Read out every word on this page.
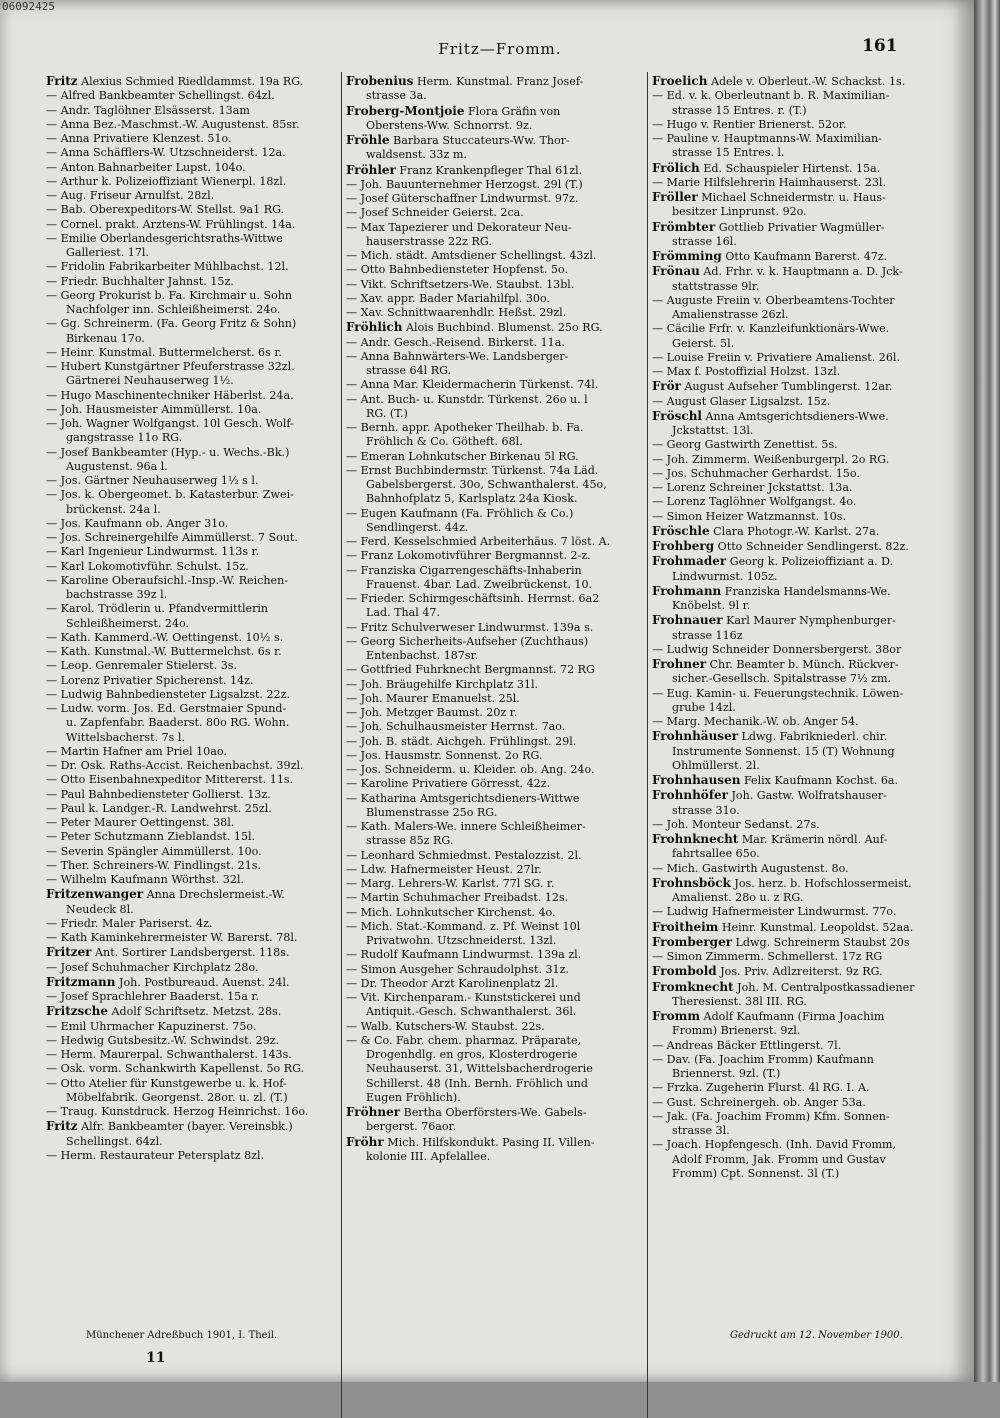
06092425
Fritz—Fromm.	161
Fritz Alexius Schmied Riedldammst. 19a RG.
— Alfred Bankbeamter Schellingst. 64zl.
— Andr. Taglöhner Elsässerst. 13am
— Anna Bez.-Maschmst.-W. Augustenst. 85sr.
— Anna Privatiere Klenzest. 51o.
— Anna Schäfflers-W. Utzschneiderst. 12a.
— Anton Bahnarbeiter Lupst. 104o.
— Arthur k. Polizeioffiziant Wienerpl. 18zl.
— Aug. Friseur Arnulfst. 28zl.
— Bab. Oberexpeditors-W. Stellst. 9a1 RG.
— Cornel. prakt. Arztens-W. Frühlingst. 14a.
— Emilie Oberlandesgerichtsraths-Wittwe
Galleriest. 17l.
— Fridolin Fabrikarbeiter Mühlbachst. 12l.
— Friedr. Buchhalter Jahnst. 15z.
— Georg Prokurist b. Fa. Kirchmair u. Sohn
Nachfolger inn. Schleißheimerst. 24o.
— Gg. Schreinerm. (Fa. Georg Fritz & Sohn)
Birkenau 17o.
— Heinr. Kunstmal. Buttermelcherst. 6s r.
— Hubert Kunstgärtner Pfeuferstrasse 32zl.
Gärtnerei Neuhauserweg 1½.
— Hugo Maschinentechniker Häberlst. 24a.
— Joh. Hausmeister Aimmüllerst. 10a.
— Joh. Wagner Wolfgangst. 10l Gesch. Wolf-
gangstrasse 11o RG.
— Josef Bankbeamter (Hyp.- u. Wechs.-Bk.)
Augustenst. 96a l.
— Jos. Gärtner Neuhauserweg 1½ s l.
— Jos. k. Obergeomet. b. Katasterbur. Zwei-
brückenst. 24a l.
— Jos. Kaufmann ob. Anger 31o.
— Jos. Schreinergehilfe Aimmüllerst. 7 Sout.
— Karl Ingenieur Lindwurmst. 113s r.
— Karl Lokomotivführ. Schulst. 15z.
— Karoline Oberaufsichl.-Insp.-W. Reichen-
bachstrasse 39z l.
— Karol. Trödlerin u. Pfandvermittlerin
Schleißheimerst. 24o.
— Kath. Kammerd.-W. Oettingenst. 10½ s.
— Kath. Kunstmal.-W. Buttermelchst. 6s r.
— Leop. Genremaler Stielerst. 3s.
— Lorenz Privatier Spicherenst. 14z.
— Ludwig Bahnbediensteter Ligsalzst. 22z.
— Ludw. vorm. Jos. Ed. Gerstmaier Spund-
u. Zapfenfabr. Baaderst. 80o RG. Wohn.
Wittelsbacherst. 7s l.
— Martin Hafner am Priel 10ao.
— Dr. Osk. Raths-Accist. Reichenbachst. 39zl.
— Otto Eisenbahnexpeditor Mittererst. 11s.
— Paul Bahnbediensteter Gollierst. 13z.
— Paul k. Landger.-R. Landwehrst. 25zl.
— Peter Maurer Oettingenst. 38l.
— Peter Schutzmann Zieblandst. 15l.
— Severin Spängler Aimmüllerst. 10o.
— Ther. Schreiners-W. Findlingst. 21s.
— Wilhelm Kaufmann Wörthst. 32l.
Fritzenwanger Anna Drechslermeist.-W.
Neudeck 8l.
— Friedr. Maler Pariserst. 4z.
— Kath Kaminkehrermeister W. Barerst. 78l.
Fritzer Ant. Sortirer Landsbergerst. 118s.
— Josef Schuhmacher Kirchplatz 28o.
Fritzmann Joh. Postbureaud. Auenst. 24l.
— Josef Sprachlehrer Baaderst. 15a r.
Fritzsche Adolf Schriftsetz. Metzst. 28s.
— Emil Uhrmacher Kapuzinerst. 75o.
— Hedwig Gutsbesitz.-W. Schwindst. 29z.
— Herm. Maurerpal. Schwanthalerst. 143s.
— Osk. vorm. Schankwirth Kapellenst. 5o RG.
— Otto Atelier für Kunstgewerbe u. k. Hof-
Möbelfabrik. Georgenst. 28or. u. zl. (T.)
— Traug. Kunstdruck. Herzog Heinrichst. 16o.
Fritz Alfr. Bankbeamter (bayer. Vereinsbk.)
Schellingst. 64zl.
— Herm. Restaurateur Petersplatz 8zl.
Frobenius Herm. Kunstmal. Franz Josef-
strasse 3a.
Froberg-Montjoie Flora Gräfin von
Oberstens-Ww. Schnorrst. 9z.
Fröhle Barbara Stuccateurs-Ww. Thor-
waldsenst. 33z m.
Fröhler Franz Krankenpfleger Thal 61zl.
— Joh. Bauunternehmer Herzogst. 29l (T.)
— Josef Güterschaffner Lindwurmst. 97z.
— Josef Schneider Geierst. 2ca.
— Max Tapezierer und Dekorateur Neu-
hauserstrasse 22z RG.
— Mich. städt. Amtsdiener Schellingst. 43zl.
— Otto Bahnbediensteter Hopfenst. 5o.
— Vikt. Schriftsetzers-We. Staubst. 13bl.
— Xav. appr. Bader Mariahilfpl. 30o.
— Xav. Schnittwaarenhdlr. Heßst. 29zl.
Fröhlich Alois Buchbind. Blumenst. 25o RG.
— Andr. Gesch.-Reisend. Birkerst. 11a.
— Anna Bahnwärters-We. Landsberger-
strasse 64l RG.
— Anna Mar. Kleidermacherin Türkenst. 74l.
— Ant. Buch- u. Kunstdr. Türkenst. 26o u. l
RG. (T.)
— Bernh. appr. Apotheker Theilhab. b. Fa.
Fröhlich & Co. Götheft. 68l.
— Emeran Lohnkutscher Birkenau 5l RG.
— Ernst Buchbindermstr. Türkenst. 74a Läd.
Gabelsbergerst. 30o, Schwanthalerst. 45o,
Bahnhofplatz 5, Karlsplatz 24a Kiosk.
— Eugen Kaufmann (Fa. Fröhlich & Co.)
Sendlingerst. 44z.
— Ferd. Kesselschmied Arbeiterhäus. 7 löst. A.
— Franz Lokomotivführer Bergmannst. 2-z.
— Franziska Cigarrengeschäfts-Inhaberin
Frauenst. 4bar. Lad. Zweibrückenst. 10.
— Frieder. Schirmgeschäftsinh. Herrnst. 6a2
Lad. Thal 47.
— Fritz Schulverweser Lindwurmst. 139a s.
— Georg Sicherheits-Aufseher (Zuchthaus)
Entenbachst. 187sr.
— Gottfried Fuhrknecht Bergmannst. 72 RG
— Joh. Bräugehilfe Kirchplatz 31l.
— Joh. Maurer Emanuelst. 25l.
— Joh. Metzger Baumst. 20z r.
— Joh. Schulhausmeister Herrnst. 7ao.
— Joh. B. städt. Aichgeh. Frühlingst. 29l.
— Jos. Hausmstr. Sonnenst. 2o RG.
— Jos. Schneiderm. u. Kleider. ob. Ang. 24o.
— Karoline Privatiere Görresst. 42z.
— Katharina Amtsgerichtsdieners-Wittwe
Blumenstrasse 25o RG.
— Kath. Malers-We. innere Schleißheimer-
strasse 85z RG.
— Leonhard Schmiedmst. Pestalozzist. 2l.
— Ldw. Hafnermeister Heust. 27lr.
— Marg. Lehrers-W. Karlst. 77l SG. r.
— Martin Schuhmacher Freibadst. 12s.
— Mich. Lohnkutscher Kirchenst. 4o.
— Mich. Stat.-Kommand. z. Pf. Weinst 10l
Privatwohn. Utzschneiderst. 13zl.
— Rudolf Kaufmann Lindwurmst. 139a zl.
— Simon Ausgeher Schraudolphst. 31z.
— Dr. Theodor Arzt Karolinenplatz 2l.
— Vit. Kirchenparam.- Kunststickerei und
Antiquit.-Gesch. Schwanthalerst. 36l.
— Walb. Kutschers-W. Staubst. 22s.
— & Co. Fabr. chem. pharmaz. Präparate,
Drogenhdlg. en gros, Klosterdrogerie
Neuhauserst. 31, Wittelsbacherdrogerie
Schillerst. 48 (Inh. Bernh. Fröhlich und
Eugen Fröhlich).
Fröhner Bertha Oberförsters-We. Gabels-
bergerst. 76aor.
Fröhr Mich. Hilfskondukt. Pasing II. Villen-
kolonie III. Apfelallee.
Froelich Adele v. Oberleut.-W. Schackst. 1s.
— Ed. v. k. Oberleutnant b. R. Maximilian-
strasse 15 Entres. r. (T.)
— Hugo v. Rentier Brienerst. 52or.
— Pauline v. Hauptmanns-W. Maximilian-
strasse 15 Entres. l.
Frölich Ed. Schauspieler Hirtenst. 15a.
— Marie Hilfslehrerin Haimhauserst. 23l.
Fröller Michael Schneidermstr. u. Haus-
besitzer Linprunst. 92o.
Frömbter Gottlieb Privatier Wagmüller-
strasse 16l.
Frömming Otto Kaufmann Barerst. 47z.
Frönau Ad. Frhr. v. k. Hauptmann a. D. Jck-
stattstrasse 9lr.
— Auguste Freiin v. Oberbeamtens-Tochter
Amalienstrasse 26zl.
— Cäcilie Frfr. v. Kanzleifunktionärs-Wwe.
Geierst. 5l.
— Louise Freiin v. Privatiere Amalienst. 26l.
— Max f. Postoffizial Holzst. 13zl.
Frör August Aufseher Tumblingerst. 12ar.
— August Glaser Ligsalzst. 15z.
Fröschl Anna Amtsgerichtsdieners-Wwe.
Jckstattst. 13l.
— Georg Gastwirth Zenettist. 5s.
— Joh. Zimmerm. Weißenburgerpl. 2o RG.
— Jos. Schuhmacher Gerhardst. 15o.
— Lorenz Schreiner Jckstattst. 13a.
— Lorenz Taglöhner Wolfgangst. 4o.
— Simon Heizer Watzmannst. 10s.
Fröschle Clara Photogr.-W. Karlst. 27a.
Frohberg Otto Schneider Sendlingerst. 82z.
Frohmader Georg k. Polizeioffiziant a. D.
Lindwurmst. 105z.
Frohmann Franziska Handelsmanns-We.
Knöbelst. 9l r.
Frohnauer Karl Maurer Nymphenburger-
strasse 116z
— Ludwig Schneider Donnersbergerst. 38or
Frohner Chr. Beamter b. Münch. Rückver-
sicher.-Gesellsch. Spitalstrasse 7½ zm.
— Eug. Kamin- u. Feuerungstechnik. Löwen-
grube 14zl.
— Marg. Mechanik.-W. ob. Anger 54.
Frohnhäuser Ldwg. Fabrikniederl. chir.
Instrumente Sonnenst. 15 (T) Wohnung
Ohlmüllerst. 2l.
Frohnhausen Felix Kaufmann Kochst. 6a.
Frohnhöfer Joh. Gastw. Wolfratshauser-
strasse 31o.
— Joh. Monteur Sedanst. 27s.
Frohnknecht Mar. Krämerin nördl. Auf-
fahrtsallee 65o.
— Mich. Gastwirth Augustenst. 8o.
Frohnsböck Jos. herz. b. Hofschlossermeist.
Amalienst. 28o u. z RG.
— Ludwig Hafnermeister Lindwurmst. 77o.
Froitheim Heinr. Kunstmal. Leopoldst. 52aa.
Fromberger Ldwg. Schreinerm Staubst 20s
— Simon Zimmerm. Schmellerst. 17z RG
Frombold Jos. Priv. Adlzreiterst. 9z RG.
Fromknecht Joh. M. Centralpostkassadiener
Theresienst. 38l III. RG.
Fromm Adolf Kaufmann (Firma Joachim
Fromm) Brienerst. 9zl.
— Andreas Bäcker Ettlingerst. 7l.
— Dav. (Fa. Joachim Fromm) Kaufmann
Briennerst. 9zl. (T.)
— Frzka. Zugeherin Flurst. 4l RG. I. A.
— Gust. Schreinergeh. ob. Anger 53a.
— Jak. (Fa. Joachim Fromm) Kfm. Sonnen-
strasse 3l.
— Joach. Hopfengesch. (Inh. David Fromm,
Adolf Fromm, Jak. Fromm und Gustav
Fromm) Cpt. Sonnenst. 3l (T.)
11
Gedruckt am 12. November 1900.
Münchener Adreßbuch 1901, I. Theil.
